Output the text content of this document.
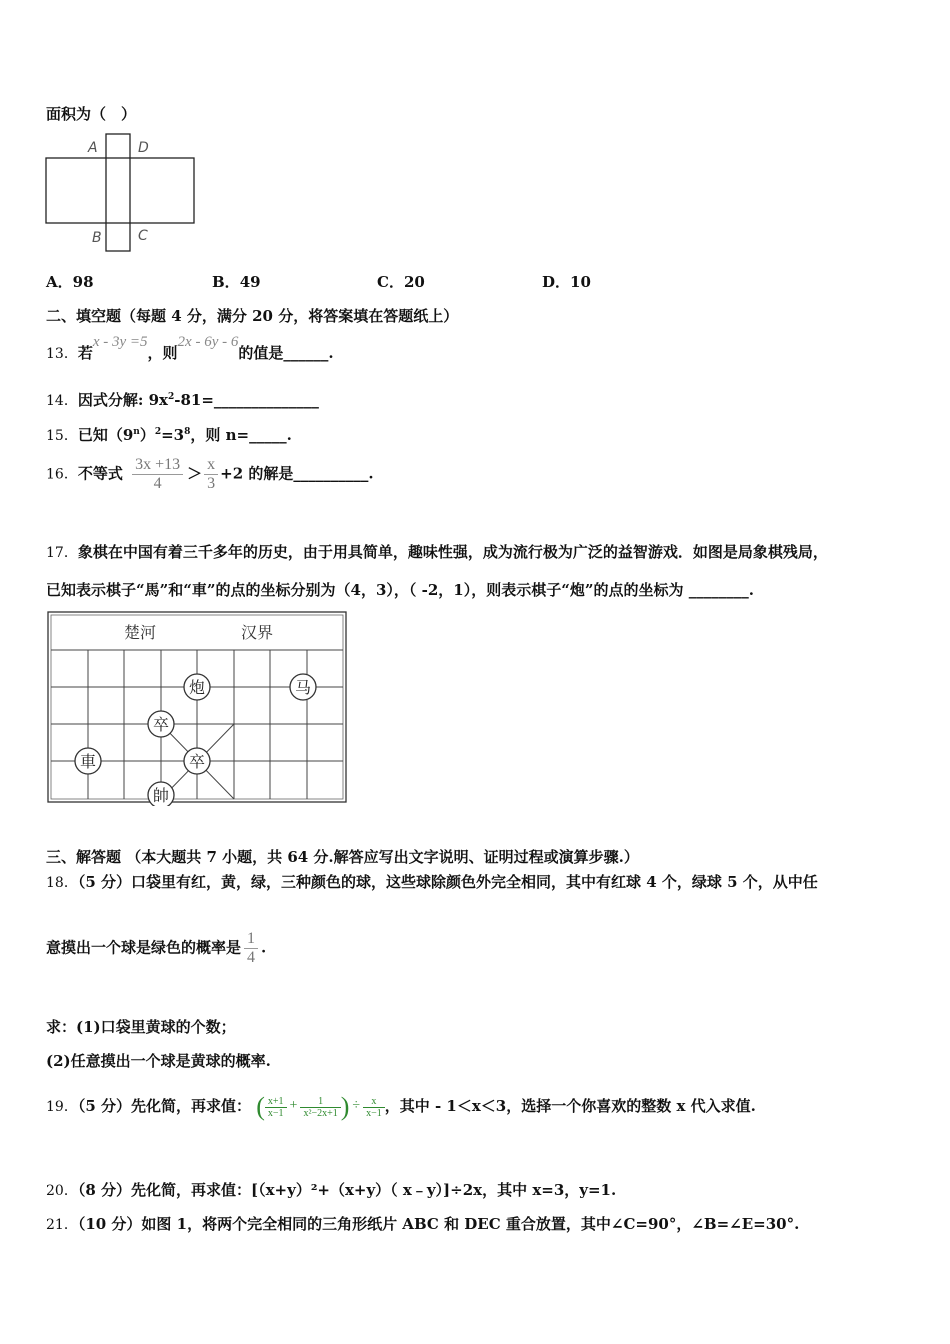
面积为（　）
A	D
B	C
A．98	B．49	C．20	D．10
二、填空题（每题 4 分，满分 20 分，将答案填在答题纸上）
13．若x - 3y =5，则2x - 6y - 6的值是______.
14．因式分解: $9x^2-81=\_\_\_\_\_\_\_\_\_\_\_\_\_\_$
15．已知$(9^n)^2=3^8$，则 n=_____.
16．不等式 $\frac{3x +13}{4} > \frac{x}{3} +2$ 的解是__________.
17．象棋在中国有着三千多年的历史，由于用具简单，趣味性强，成为流行极为广泛的益智游戏．如图是局象棋残局，
已知表示棋子“馬”和“車”的点的坐标分别为（4，3），（ -2，1），则表示棋子“炮”的点的坐标为 ________.
楚河	汉界
炮	马
卒
卒
車
帥
三、解答题 （本大题共 7 小题，共 64 分.解答应写出文字说明、证明过程或演算步骤.）
18．（5 分）口袋里有红，黄，绿，三种颜色的球，这些球除颜色外完全相同，其中有红球 4 个，绿球 5 个，从中任
意摸出一个球是绿色的概率是 $\frac{1}{4}$ .
求：(1)口袋里黄球的个数；
(2)任意摸出一个球是黄球的概率.
19．（5 分）先化简，再求值： ( $\frac{x+1}{x-1} + \frac{1}{\text{x²−2x+1}}$ ) ÷ $\frac{x}{x-1}$ ，其中 - 1＜x＜3，选择一个你喜欢的整数 x 代入求值.
20．（8 分）先化简，再求值：[（x+y）²+（x+y）（ x﹣y）]÷2x，其中 x=3，y=1.
21．（10 分）如图 1，将两个完全相同的三角形纸片 ABC 和 DEC 重合放置，其中∠C=90°，∠B=∠E=30°.
